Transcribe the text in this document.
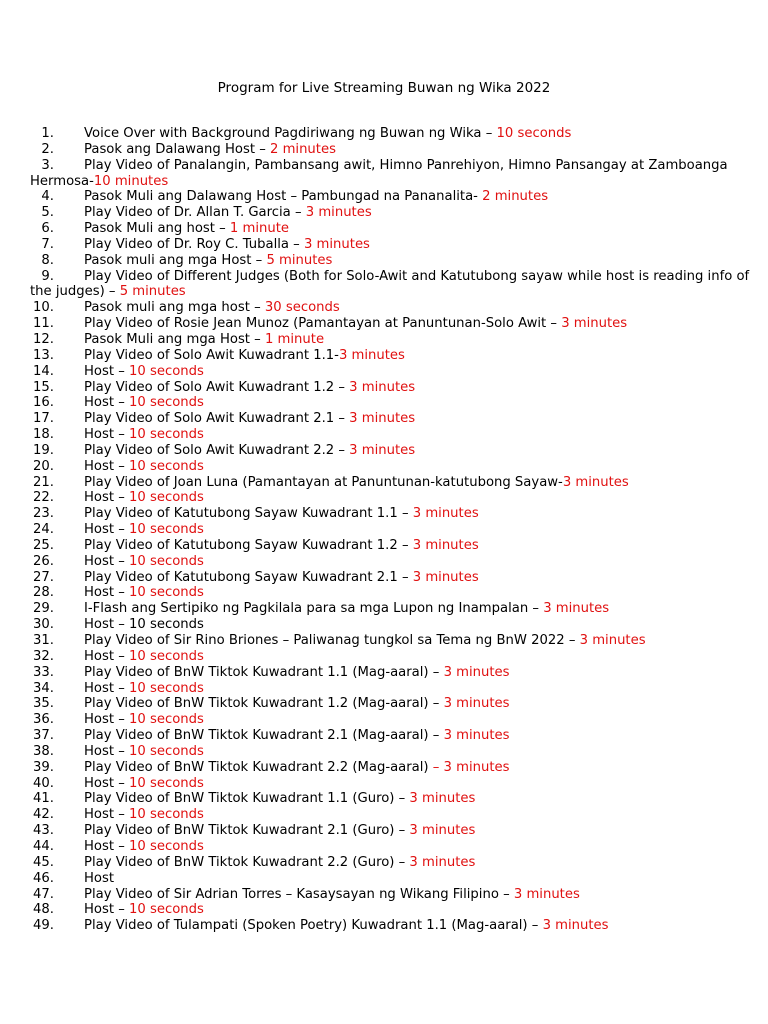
Program for Live Streaming Buwan ng Wika 2022
1. Voice Over with Background Pagdiriwang ng Buwan ng Wika – 10 seconds
2. Pasok ang Dalawang Host – 2 minutes
3. Play Video of Panalangin, Pambansang awit, Himno Panrehiyon, Himno Pansangay at Zamboanga Hermosa-10 minutes
4. Pasok Muli ang Dalawang Host – Pambungad na Pananalita- 2 minutes
5. Play Video of Dr. Allan T. Garcia – 3 minutes
6. Pasok Muli ang host – 1 minute
7. Play Video of Dr. Roy C. Tuballa – 3 minutes
8. Pasok muli ang mga Host – 5 minutes
9. Play Video of Different Judges (Both for Solo-Awit and Katutubong sayaw while host is reading info of the judges) – 5 minutes
10. Pasok muli ang mga host – 30 seconds
11. Play Video of Rosie Jean Munoz (Pamantayan at Panuntunan-Solo Awit – 3 minutes
12. Pasok Muli ang mga Host – 1 minute
13. Play Video of Solo Awit Kuwadrant 1.1-3 minutes
14. Host – 10 seconds
15. Play Video of Solo Awit Kuwadrant 1.2 – 3 minutes
16. Host – 10 seconds
17. Play Video of Solo Awit Kuwadrant 2.1 – 3 minutes
18. Host – 10 seconds
19. Play Video of Solo Awit Kuwadrant 2.2 – 3 minutes
20. Host – 10 seconds
21. Play Video of Joan Luna (Pamantayan at Panuntunan-katutubong Sayaw-3 minutes
22. Host – 10 seconds
23. Play Video of Katutubong Sayaw Kuwadrant 1.1 – 3 minutes
24. Host – 10 seconds
25. Play Video of Katutubong Sayaw Kuwadrant 1.2 – 3 minutes
26. Host – 10 seconds
27. Play Video of Katutubong Sayaw Kuwadrant 2.1 – 3 minutes
28. Host – 10 seconds
29. I-Flash ang Sertipiko ng Pagkilala para sa mga Lupon ng Inampalan – 3 minutes
30. Host – 10 seconds
31. Play Video of Sir Rino Briones – Paliwanag tungkol sa Tema ng BnW 2022 – 3 minutes
32. Host – 10 seconds
33. Play Video of BnW Tiktok Kuwadrant 1.1 (Mag-aaral) – 3 minutes
34. Host – 10 seconds
35. Play Video of BnW Tiktok Kuwadrant 1.2 (Mag-aaral) – 3 minutes
36. Host – 10 seconds
37. Play Video of BnW Tiktok Kuwadrant 2.1 (Mag-aaral) – 3 minutes
38. Host – 10 seconds
39. Play Video of BnW Tiktok Kuwadrant 2.2 (Mag-aaral) – 3 minutes
40. Host – 10 seconds
41. Play Video of BnW Tiktok Kuwadrant 1.1 (Guro) – 3 minutes
42. Host – 10 seconds
43. Play Video of BnW Tiktok Kuwadrant 2.1 (Guro) – 3 minutes
44. Host – 10 seconds
45. Play Video of BnW Tiktok Kuwadrant 2.2 (Guro) – 3 minutes
46. Host
47. Play Video of Sir Adrian Torres – Kasaysayan ng Wikang Filipino – 3 minutes
48. Host – 10 seconds
49. Play Video of Tulampati (Spoken Poetry) Kuwadrant 1.1 (Mag-aaral) – 3 minutes
